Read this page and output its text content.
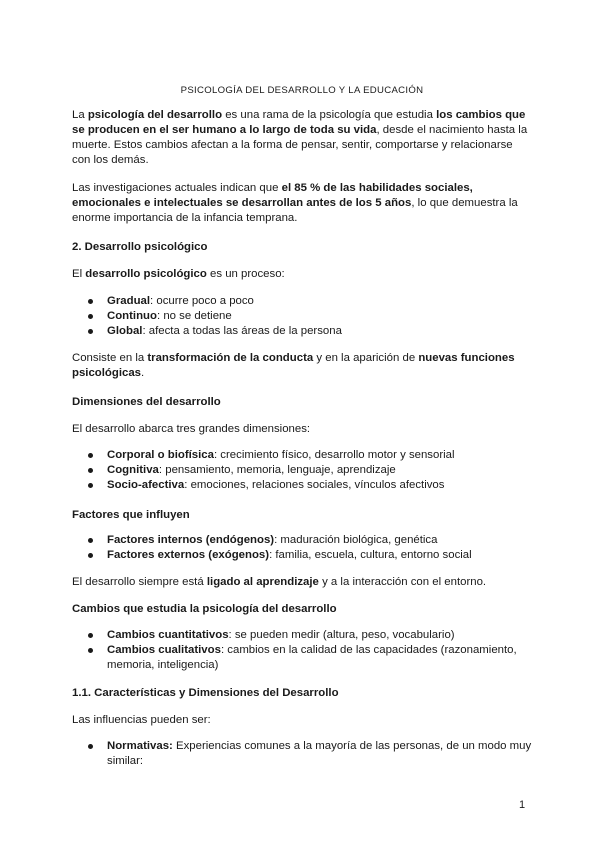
PSICOLOGÍA DEL DESARROLLO Y LA EDUCACIÓN

La psicología del desarrollo es una rama de la psicología que estudia los cambios que se producen en el ser humano a lo largo de toda su vida, desde el nacimiento hasta la muerte. Estos cambios afectan a la forma de pensar, sentir, comportarse y relacionarse con los demás.

Las investigaciones actuales indican que el 85 % de las habilidades sociales, emocionales e intelectuales se desarrollan antes de los 5 años, lo que demuestra la enorme importancia de la infancia temprana.

2. Desarrollo psicológico

El desarrollo psicológico es un proceso:

Gradual: ocurre poco a poco
Continuo: no se detiene
Global: afecta a todas las áreas de la persona

Consiste en la transformación de la conducta y en la aparición de nuevas funciones psicológicas.

Dimensiones del desarrollo

El desarrollo abarca tres grandes dimensiones:

Corporal o biofísica: crecimiento físico, desarrollo motor y sensorial
Cognitiva: pensamiento, memoria, lenguaje, aprendizaje
Socio-afectiva: emociones, relaciones sociales, vínculos afectivos

Factores que influyen

Factores internos (endógenos): maduración biológica, genética
Factores externos (exógenos): familia, escuela, cultura, entorno social

El desarrollo siempre está ligado al aprendizaje y a la interacción con el entorno.

Cambios que estudia la psicología del desarrollo

Cambios cuantitativos: se pueden medir (altura, peso, vocabulario)
Cambios cualitativos: cambios en la calidad de las capacidades (razonamiento, memoria, inteligencia)

1.1. Características y Dimensiones del Desarrollo

Las influencias pueden ser:

Normativas: Experiencias comunes a la mayoría de las personas, de un modo muy similar:
1
